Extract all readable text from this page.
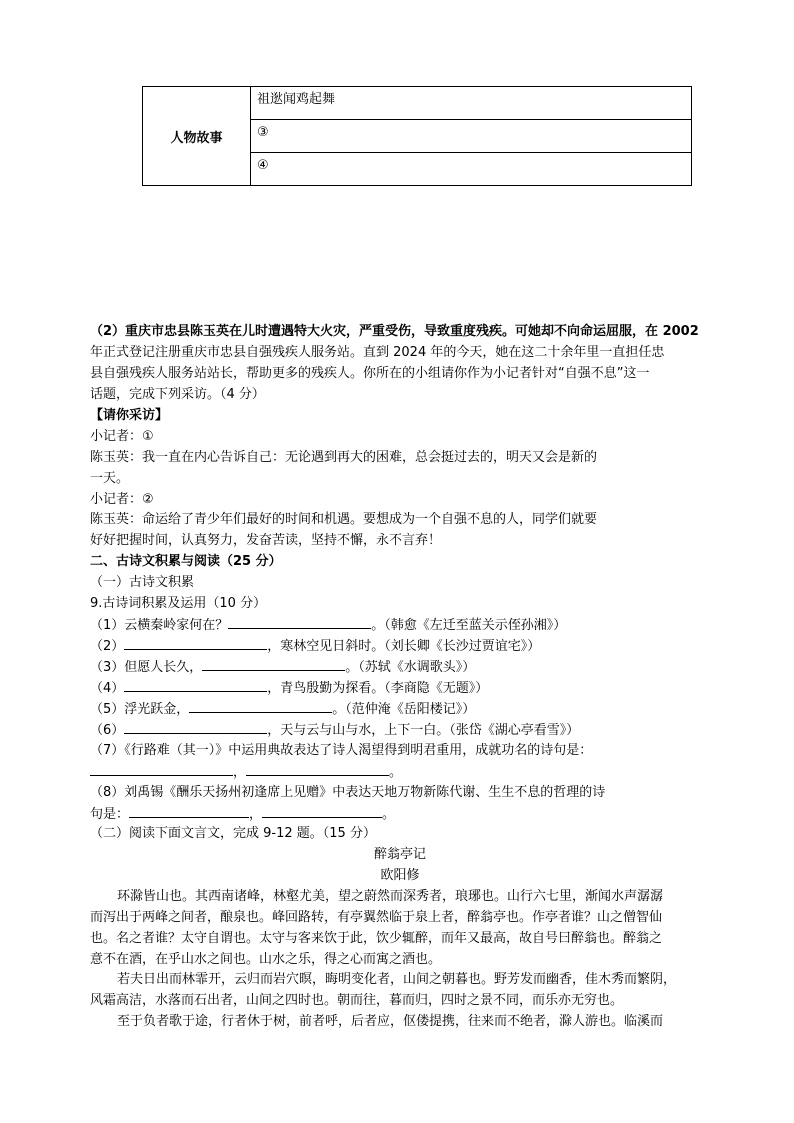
人物故事	祖逖闻鸡起舞
③
④
（2）重庆市忠县陈玉英在儿时遭遇特大火灾，严重受伤，导致重度残疾。可她却不向命运屈服，在 2002
年正式登记注册重庆市忠县自强残疾人服务站。直到 2024 年的今天，她在这二十余年里一直担任忠
县自强残疾人服务站站长，帮助更多的残疾人。你所在的小组请你作为小记者针对“自强不息”这一
话题，完成下列采访。（4 分）
【请你采访】
小记者：①
陈玉英：我一直在内心告诉自己：无论遇到再大的困难，总会挺过去的，明天又会是新的
一天。
小记者：②
陈玉英：命运给了青少年们最好的时间和机遇。要想成为一个自强不息的人，同学们就要
好好把握时间，认真努力，发奋苦读，坚持不懈，永不言弃！
二、古诗文积累与阅读（25 分）
（一）古诗文积累
9.古诗词积累及运用（10 分）
（1）云横秦岭家何在？	。（韩愈《左迁至蓝关示侄孙湘》）
（2）	，寒林空见日斜时。（刘长卿《长沙过贾谊宅》）
（3）但愿人长久，	。（苏轼《水调歌头》）
（4）	，青鸟殷勤为探看。（李商隐《无题》）
（5）浮光跃金，	。（范仲淹《岳阳楼记》）
（6）	，天与云与山与水，上下一白。（张岱《湖心亭看雪》）
（7）《行路难（其一）》中运用典故表达了诗人渴望得到明君重用，成就功名的诗句是：
，	。
（8）刘禹锡《酬乐天扬州初逢席上见赠》中表达天地万物新陈代谢、生生不息的哲理的诗
句是：	，	。
（二）阅读下面文言文，完成 9-12 题。（15 分）
醉翁亭记
欧阳修
环滁皆山也。其西南诸峰，林壑尤美，望之蔚然而深秀者，琅琊也。山行六七里，渐闻水声潺潺
而泻出于两峰之间者，酿泉也。峰回路转，有亭翼然临于泉上者，醉翁亭也。作亭者谁？山之僧智仙
也。名之者谁？太守自谓也。太守与客来饮于此，饮少辄醉，而年又最高，故自号曰醉翁也。醉翁之
意不在酒，在乎山水之间也。山水之乐，得之心而寓之酒也。
若夫日出而林霏开，云归而岩穴暝，晦明变化者，山间之朝暮也。野芳发而幽香，佳木秀而繁阴，
风霜高洁，水落而石出者，山间之四时也。朝而往，暮而归，四时之景不同，而乐亦无穷也。
至于负者歌于途，行者休于树，前者呼，后者应，伛偻提携，往来而不绝者，滁人游也。临溪而
